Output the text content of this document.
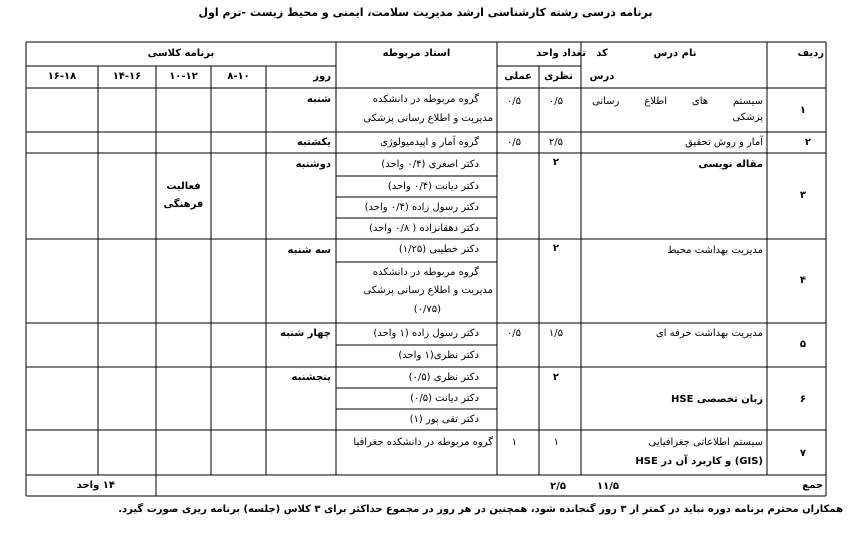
برنامه درسی رشته کارشناسی ارشد مدیریت سلامت، ایمنی و محیط زیست -ترم اول
ردیف
نام درس
تعداد واحد
استاد مربوطه
برنامه کلاسی
نظری
عملی
روز
۸-۱۰
۱۰-۱۲
۱۴-۱۶
۱۶-۱۸
کد
درس
۱
سیستم های اطلاع رسانی
پزشکی
۰/۵
۰/۵
گروه مربوطه در دانشکده
مدیریت و اطلاع رسانی پزشکی
شنبه
۲
آمار و روش تحقیق
۲/۵
۰/۵
گروه آمار و اپیدمیولوژی
یکشنبه
۳
مقاله نویسی
۲
دکتر اصغری (۰/۴ واحد)
دکتر دیانت (۰/۴ واحد)
دکتر رسول زاده (۰/۴ واحد)
دکتر دهقانزاده ( ۰/۸ واحد)
دوشنبه
فعالیت
فرهنگی
۴
مدیریت بهداشت محیط
۲
دکتر خطیبی (۱/۲۵)
گروه مربوطه در دانشکده
مدیریت و اطلاع رسانی پزشکی
(۰/۷۵)
سه شنبه
۵
مدیریت بهداشت حرفه ای
۱/۵
۰/۵
دکتر رسول زاده (۱ واحد)
دکتر نظری(۱ واحد)
چهار شنبه
۶
زبان تخصصی HSE
۲
دکتر نظری (۰/۵)
دکتر دیانت (۰/۵)
دکتر تقی پور (۱)
پنجشنبه
۷
سیستم اطلاعاتی جغرافیایی
(GIS) و کاربرد آن در HSE
۱
۱
گروه مربوطه در دانشکده جغرافیا
جمع
۱۱/۵
۲/۵
۱۴ واحد
همکاران محترم برنامه دوره نباید در کمتر از ۳ روز گنجانده شود، همچنین در هر روز در مجموع حداکثر برای ۳ کلاس (جلسه) برنامه ریزی صورت گیرد.
